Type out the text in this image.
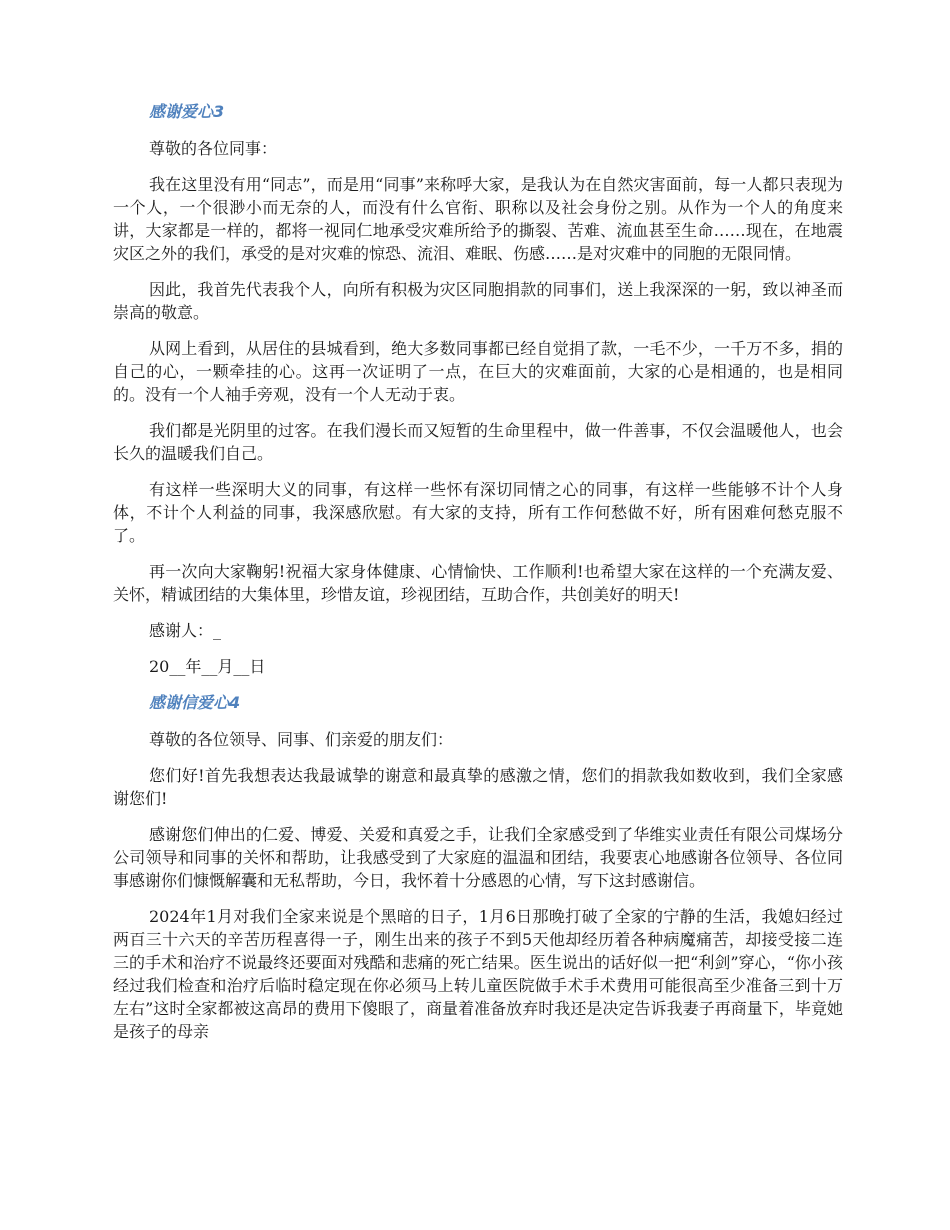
感谢爱心3

尊敬的各位同事：

我在这里没有用“同志”，而是用“同事”来称呼大家，是我认为在自然灾害面前，每一人都只表现为一个人，一个很渺小而无奈的人，而没有什么官衔、职称以及社会身份之别。从作为一个人的角度来讲，大家都是一样的，都将一视同仁地承受灾难所给予的撕裂、苦难、流血甚至生命……现在，在地震灾区之外的我们，承受的是对灾难的惊恐、流泪、难眠、伤感……是对灾难中的同胞的无限同情。

因此，我首先代表我个人，向所有积极为灾区同胞捐款的同事们，送上我深深的一躬，致以神圣而崇高的敬意。

从网上看到，从居住的县城看到，绝大多数同事都已经自觉捐了款，一毛不少，一千万不多，捐的自己的心，一颗牵挂的心。这再一次证明了一点，在巨大的灾难面前，大家的心是相通的，也是相同的。没有一个人袖手旁观，没有一个人无动于衷。

我们都是光阴里的过客。在我们漫长而又短暂的生命里程中，做一件善事，不仅会温暖他人，也会长久的温暖我们自己。

有这样一些深明大义的同事，有这样一些怀有深切同情之心的同事，有这样一些能够不计个人身体，不计个人利益的同事，我深感欣慰。有大家的支持，所有工作何愁做不好，所有困难何愁克服不了。

再一次向大家鞠躬!祝福大家身体健康、心情愉快、工作顺利!也希望大家在这样的一个充满友爱、关怀，精诚团结的大集体里，珍惜友谊，珍视团结，互助合作，共创美好的明天!

感谢人：_

20__年__月__日

感谢信爱心4

尊敬的各位领导、同事、们亲爱的朋友们：

您们好!首先我想表达我最诚挚的谢意和最真挚的感激之情，您们的捐款我如数收到，我们全家感谢您们!

感谢您们伸出的仁爱、博爱、关爱和真爱之手，让我们全家感受到了华维实业责任有限公司煤场分公司领导和同事的关怀和帮助，让我感受到了大家庭的温温和团结，我要衷心地感谢各位领导、各位同事感谢你们慷慨解囊和无私帮助，今日，我怀着十分感恩的心情，写下这封感谢信。

2024年1月对我们全家来说是个黑暗的日子，1月6日那晚打破了全家的宁静的生活，我媳妇经过两百三十六天的辛苦历程喜得一子，刚生出来的孩子不到5天他却经历着各种病魔痛苦，却接受接二连三的手术和治疗不说最终还要面对残酷和悲痛的死亡结果。医生说出的话好似一把“利剑”穿心，“你小孩经过我们检查和治疗后临时稳定现在你必须马上转儿童医院做手术手术费用可能很高至少准备三到十万左右”这时全家都被这高昂的费用下傻眼了，商量着准备放弃时我还是决定告诉我妻子再商量下，毕竟她是孩子的母亲
